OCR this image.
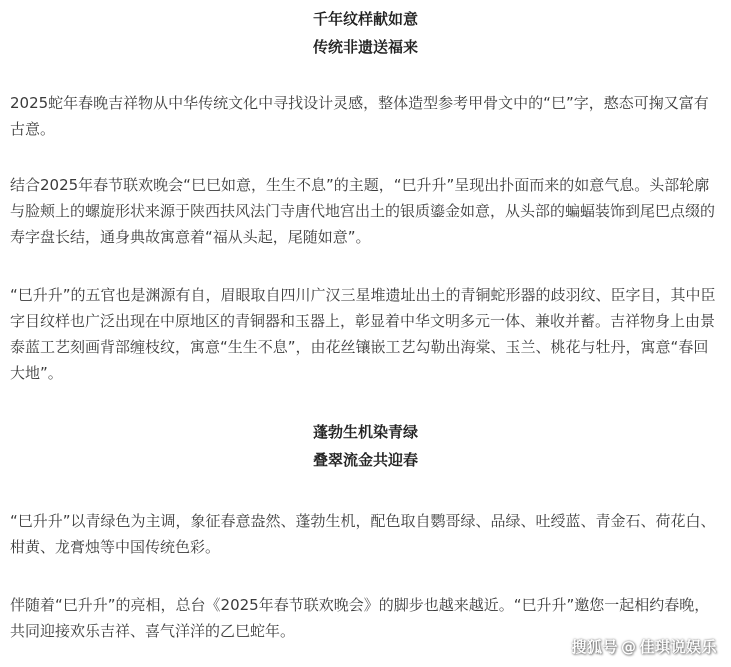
千年纹样献如意
传统非遗送福来

2025蛇年春晚吉祥物从中华传统文化中寻找设计灵感，整体造型参考甲骨文中的“巳”字，憨态可掬又富有古意。

结合2025年春节联欢晚会“巳巳如意，生生不息”的主题，“巳升升”呈现出扑面而来的如意气息。头部轮廓与脸颊上的螺旋形状来源于陕西扶风法门寺唐代地宫出土的银质鎏金如意，从头部的蝙蝠装饰到尾巴点缀的寿字盘长结，通身典故寓意着“福从头起，尾随如意”。

“巳升升”的五官也是渊源有自，眉眼取自四川广汉三星堆遗址出土的青铜蛇形器的歧羽纹、臣字目，其中臣字目纹样也广泛出现在中原地区的青铜器和玉器上，彰显着中华文明多元一体、兼收并蓄。吉祥物身上由景泰蓝工艺刻画背部缠枝纹，寓意“生生不息”，由花丝镶嵌工艺勾勒出海棠、玉兰、桃花与牡丹，寓意“春回大地”。

蓬勃生机染青绿
叠翠流金共迎春

“巳升升”以青绿色为主调，象征春意盎然、蓬勃生机，配色取自鹦哥绿、品绿、吐绶蓝、青金石、荷花白、柑黄、龙膏烛等中国传统色彩。

伴随着“巳升升”的亮相，总台《2025年春节联欢晚会》的脚步也越来越近。“巳升升”邀您一起相约春晚，共同迎接欢乐吉祥、喜气洋洋的乙巳蛇年。

搜狐号 @ 佳琪说娱乐
